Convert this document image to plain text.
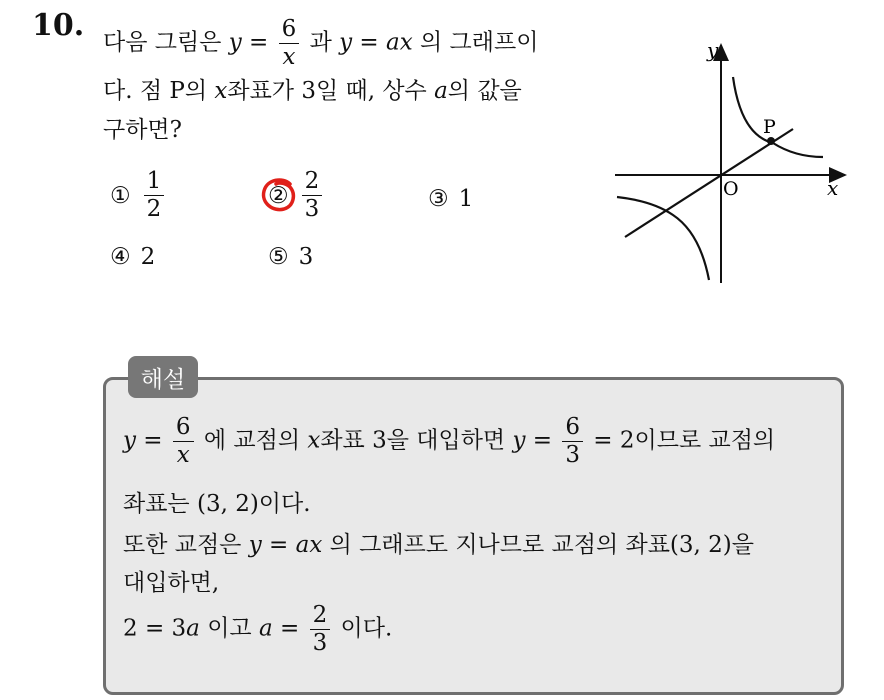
10. 다음 그림은 $y = \frac{6}{x}$ 과 y = ax 의 그래프이
다. 점 P의 x좌표가 3일 때, 상수 a의 값을
구하면?
① $\frac{1}{2}$	② $\frac{2}{3}$	③ 1
④ 2	⑤ 3
y
x
O
P
해설
$y = \frac{6}{x}$ 에 교점의 x좌표 3을 대입하면 $y = \frac{6}{3} = 2$이므로 교점의
좌표는 (3, 2)이다.
또한 교점은 y = ax 의 그래프도 지나므로 교점의 좌표(3, 2)을
대입하면,
2 = 3a 이고 $a = \frac{2}{3}$ 이다.
